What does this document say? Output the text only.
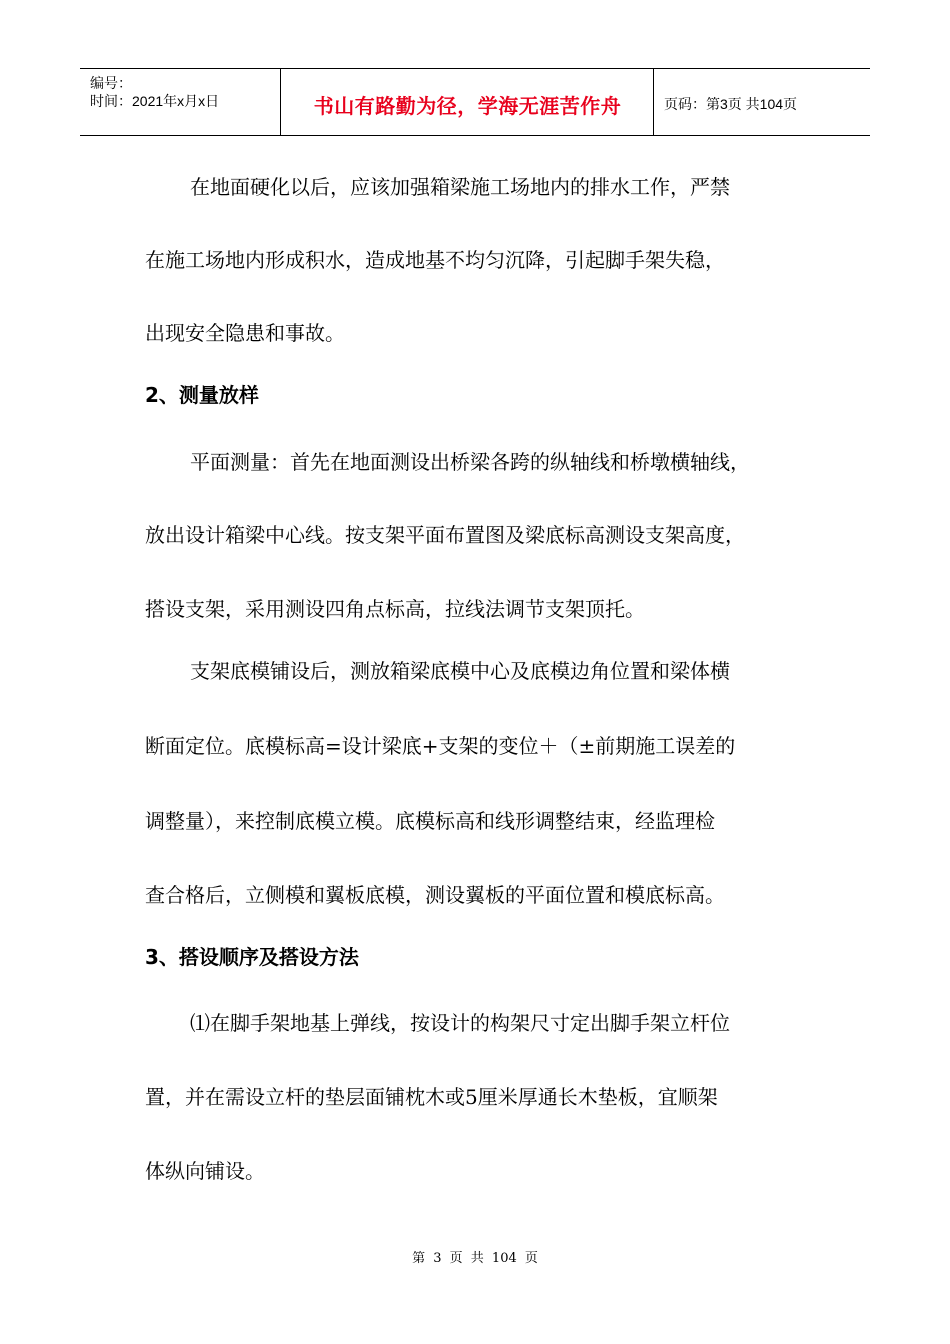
编号：
时间：2021年x月x日	书山有路勤为径，学海无涯苦作舟	页码：第3页 共104页
在地面硬化以后，应该加强箱梁施工场地内的排水工作，严禁
在施工场地内形成积水，造成地基不均匀沉降，引起脚手架失稳，
出现安全隐患和事故。
2、测量放样
平面测量：首先在地面测设出桥梁各跨的纵轴线和桥墩横轴线，
放出设计箱梁中心线。按支架平面布置图及梁底标高测设支架高度，
搭设支架，采用测设四角点标高，拉线法调节支架顶托。
支架底模铺设后，测放箱梁底模中心及底模边角位置和梁体横
断面定位。底模标高=设计梁底+支架的变位＋（±前期施工误差的
调整量），来控制底模立模。底模标高和线形调整结束，经监理检
查合格后，立侧模和翼板底模，测设翼板的平面位置和模底标高。
3、搭设顺序及搭设方法
⑴在脚手架地基上弹线，按设计的构架尺寸定出脚手架立杆位
置，并在需设立杆的垫层面铺枕木或5厘米厚通长木垫板，宜顺架
体纵向铺设。
第 3 页 共 104 页
